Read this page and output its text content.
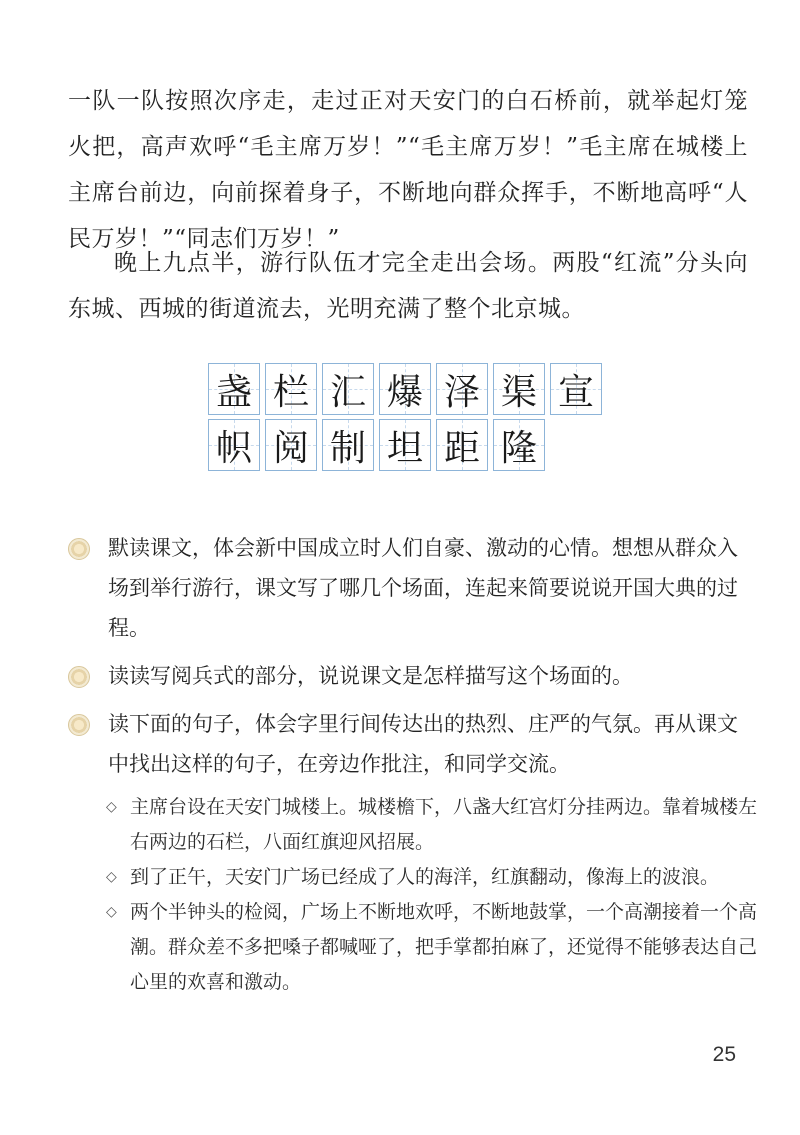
一队一队按照次序走，走过正对天安门的白石桥前，就举起灯笼火把，高声欢呼“毛主席万岁！”“毛主席万岁！”毛主席在城楼上主席台前边，向前探着身子，不断地向群众挥手，不断地高呼“人民万岁！”“同志们万岁！”

晚上九点半，游行队伍才完全走出会场。两股“红流”分头向东城、西城的街道流去，光明充满了整个北京城。

盏 栏 汇 爆 泽 渠 宣
帜 阅 制 坦 距 隆
默读课文，体会新中国成立时人们自豪、激动的心情。想想从群众入场到举行游行，课文写了哪几个场面，连起来简要说说开国大典的过程。
读读写阅兵式的部分，说说课文是怎样描写这个场面的。
读下面的句子，体会字里行间传达出的热烈、庄严的气氛。再从课文中找出这样的句子，在旁边作批注，和同学交流。
◇ 主席台设在天安门城楼上。城楼檐下，八盏大红宫灯分挂两边。靠着城楼左右两边的石栏，八面红旗迎风招展。
◇ 到了正午，天安门广场已经成了人的海洋，红旗翻动，像海上的波浪。
◇ 两个半钟头的检阅，广场上不断地欢呼，不断地鼓掌，一个高潮接着一个高潮。群众差不多把嗓子都喊哑了，把手掌都拍麻了，还觉得不能够表达自己心里的欢喜和激动。
25
